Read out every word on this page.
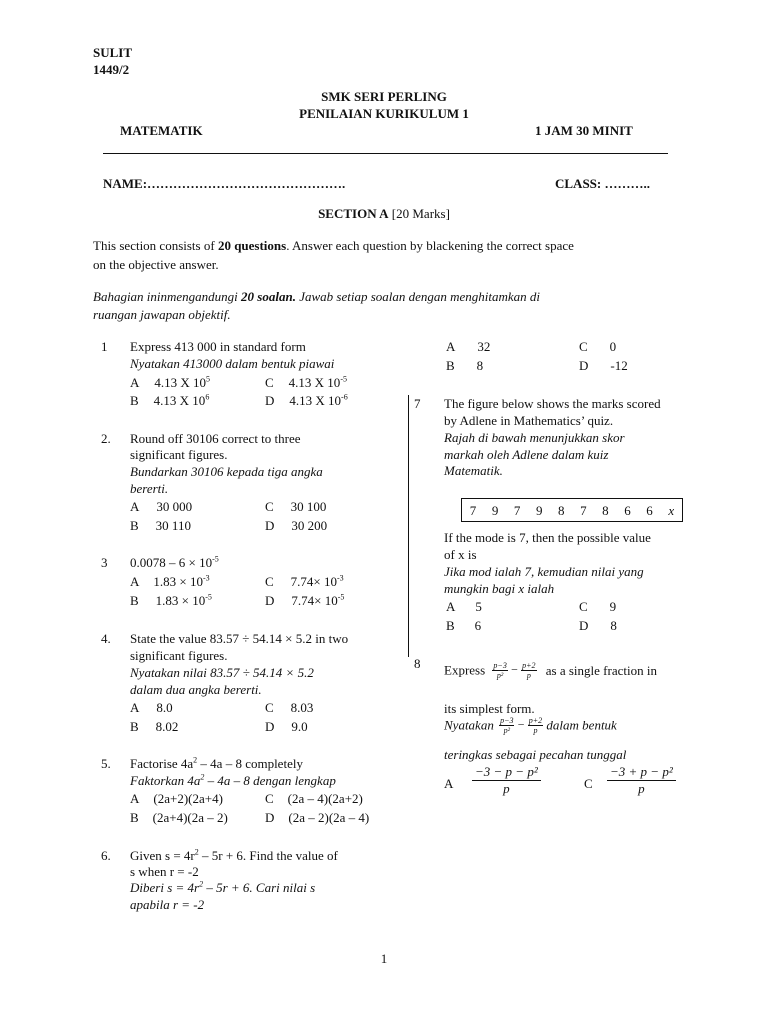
SULIT
1449/2
SMK SERI PERLING
PENILAIAN KURIKULUM 1
MATEMATIK	1 JAM 30 MINIT
NAME:……………………………………….	CLASS: ………..
SECTION A [20 Marks]
This section consists of 20 questions. Answer each question by blackening the correct space
on the objective answer.
Bahagian ininmengandungi 20 soalan. Jawab setiap soalan dengan menghitamkan di
ruangan jawapan objektif.
1 Express 413 000 in standard form
Nyatakan 413000 dalam bentuk piawai
A 4.13 X $10^5$	C 4.13 X $10^{-5}$
B 4.13 X $10^6$	D 4.13 X $10^{-6}$
2. Round off 30106 correct to three
significant figures.
Bundarkan 30106 kepada tiga angka
bererti.
A 30 000	C 30 100
B 30 110	D 30 200
3 $0.0078 - 6 \times 10^{-5}$
A $1.83 \times 10^{-3}$	C $7.74\times 10^{-3}$
B $1.83 \times 10^{-5}$	D $7.74\times 10^{-5}$
4. State the value 83.57 ÷ 54.14 × 5.2 in two
significant figures.
Nyatakan nilai 83.57 ÷ 54.14 × 5.2
dalam dua angka bererti.
A 8.0	C 8.03
B 8.02	D 9.0
5. Factorise $4a^2 - 4a - 8$ completely
Faktorkan $4a^2 - 4a - 8$ dengan lengkap
A (2a+2)(2a+4)	C (2a – 4)(2a+2)
B (2a+4)(2a – 2)	D (2a – 2)(2a – 4)
6. Given $s = 4r^2 - 5r + 6$. Find the value of
s when r = -2
Diberi $s = 4r^2 - 5r + 6$. Cari nilai s
apabila r = -2
A 32	C 0
B 8	D -12
7 The figure below shows the marks scored
by Adlene in Mathematics’ quiz.
Rajah di bawah menunjukkan skor
markah oleh Adlene dalam kuiz
Matematik.
7 9 7 9 8 7 8 6 6 x
If the mode is 7, then the possible value
of x is
Jika mod ialah 7, kemudian nilai yang
mungkin bagi x ialah
A 5	C 9
B 6	D 8
8 Express $\frac{p-3}{\text{p²}} - \frac{p+2}{p}$ as a single fraction in
its simplest form.
Nyatakan $\frac{p-3}{\text{p²}} - \frac{p+2}{p}$ dalam bentuk
teringkas sebagai pecahan tunggal
A $\frac{\text{−3 − p − p²}}{p}$	C $\frac{\text{−3 + p − p²}}{p}$
1
